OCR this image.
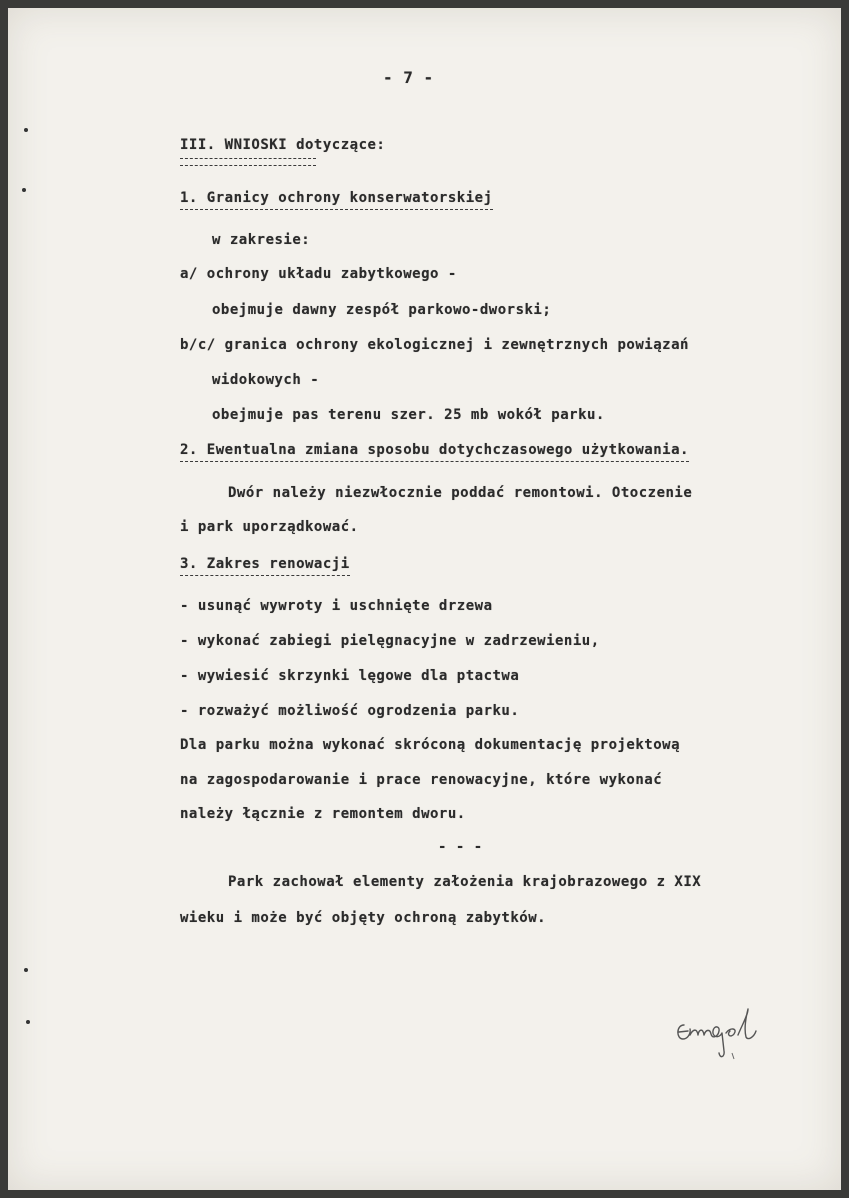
- 7 -
III. WNIOSKI dotyczące:
1. Granicy ochrony konserwatorskiej
w zakresie:
a/ ochrony układu zabytkowego -
obejmuje dawny zespół parkowo-dworski;
b/c/ granica ochrony ekologicznej i zewnętrznych powiązań
widokowych -
obejmuje pas terenu szer. 25 mb wokół parku.
2. Ewentualna zmiana sposobu dotychczasowego użytkowania.
Dwór należy niezwłocznie poddać remontowi. Otoczenie
i park uporządkować.
3. Zakres renowacji
- usunąć wywroty i uschnięte drzewa
- wykonać zabiegi pielęgnacyjne w zadrzewieniu,
- wywiesić skrzynki lęgowe dla ptactwa
- rozważyć możliwość ogrodzenia parku.
Dla parku można wykonać skróconą dokumentację projektową
na zagospodarowanie i prace renowacyjne, które wykonać
należy łącznie z remontem dworu.
- - -
Park zachował elementy założenia krajobrazowego z XIX
wieku i może być objęty ochroną zabytków.
